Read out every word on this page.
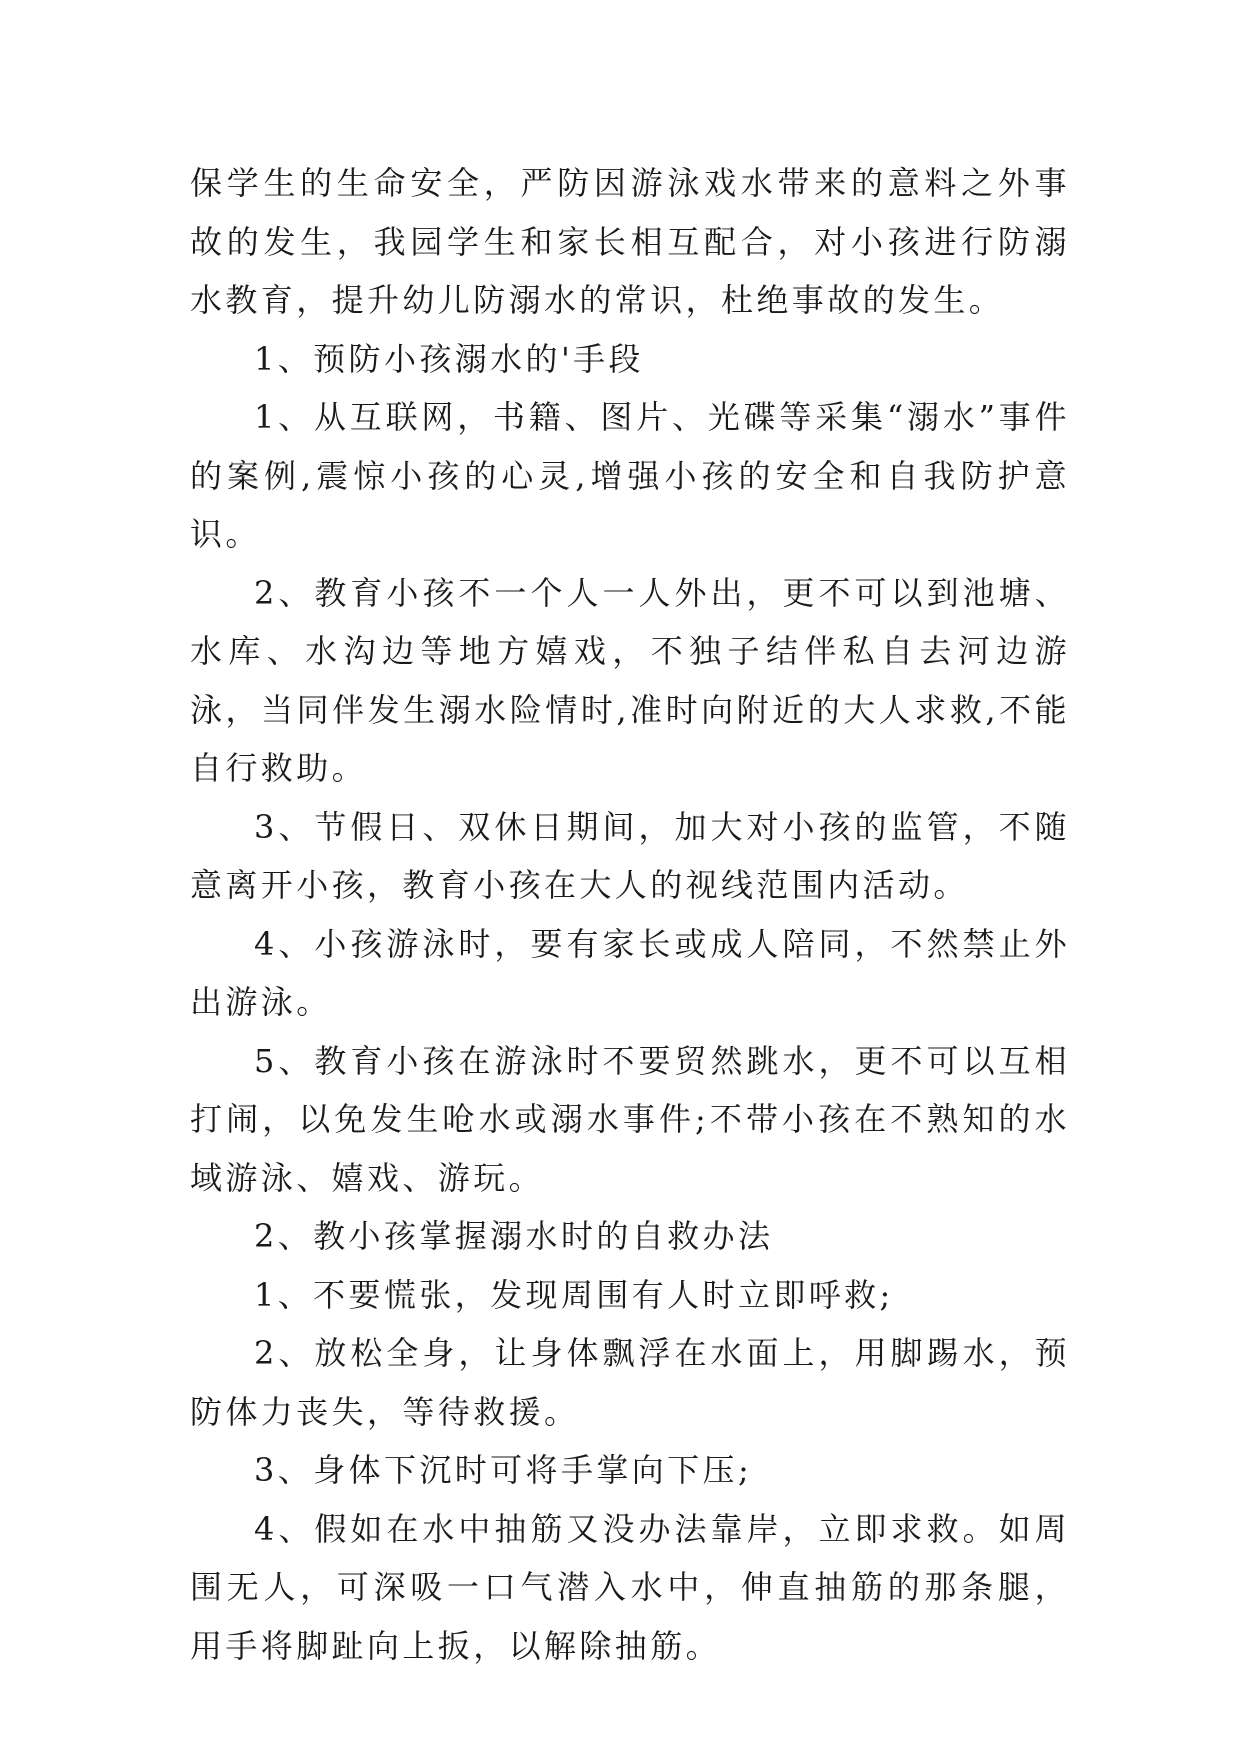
保学生的生命安全，严防因游泳戏水带来的意料之外事故的发生，我园学生和家长相互配合，对小孩进行防溺水教育，提升幼儿防溺水的常识，杜绝事故的发生。

1、预防小孩溺水的'手段

1、从互联网，书籍、图片、光碟等采集“溺水”事件的案例,震惊小孩的心灵,增强小孩的安全和自我防护意识。

2、教育小孩不一个人一人外出，更不可以到池塘、水库、水沟边等地方嬉戏，不独子结伴私自去河边游泳，当同伴发生溺水险情时,准时向附近的大人求救,不能自行救助。

3、节假日、双休日期间，加大对小孩的监管，不随意离开小孩，教育小孩在大人的视线范围内活动。

4、小孩游泳时，要有家长或成人陪同，不然禁止外出游泳。

5、教育小孩在游泳时不要贸然跳水，更不可以互相打闹，以免发生呛水或溺水事件;不带小孩在不熟知的水域游泳、嬉戏、游玩。

2、教小孩掌握溺水时的自救办法

1、不要慌张，发现周围有人时立即呼救;

2、放松全身，让身体飘浮在水面上，用脚踢水，预防体力丧失，等待救援。

3、身体下沉时可将手掌向下压;

4、假如在水中抽筋又没办法靠岸，立即求救。如周围无人，可深吸一口气潜入水中，伸直抽筋的那条腿，用手将脚趾向上扳，以解除抽筋。
